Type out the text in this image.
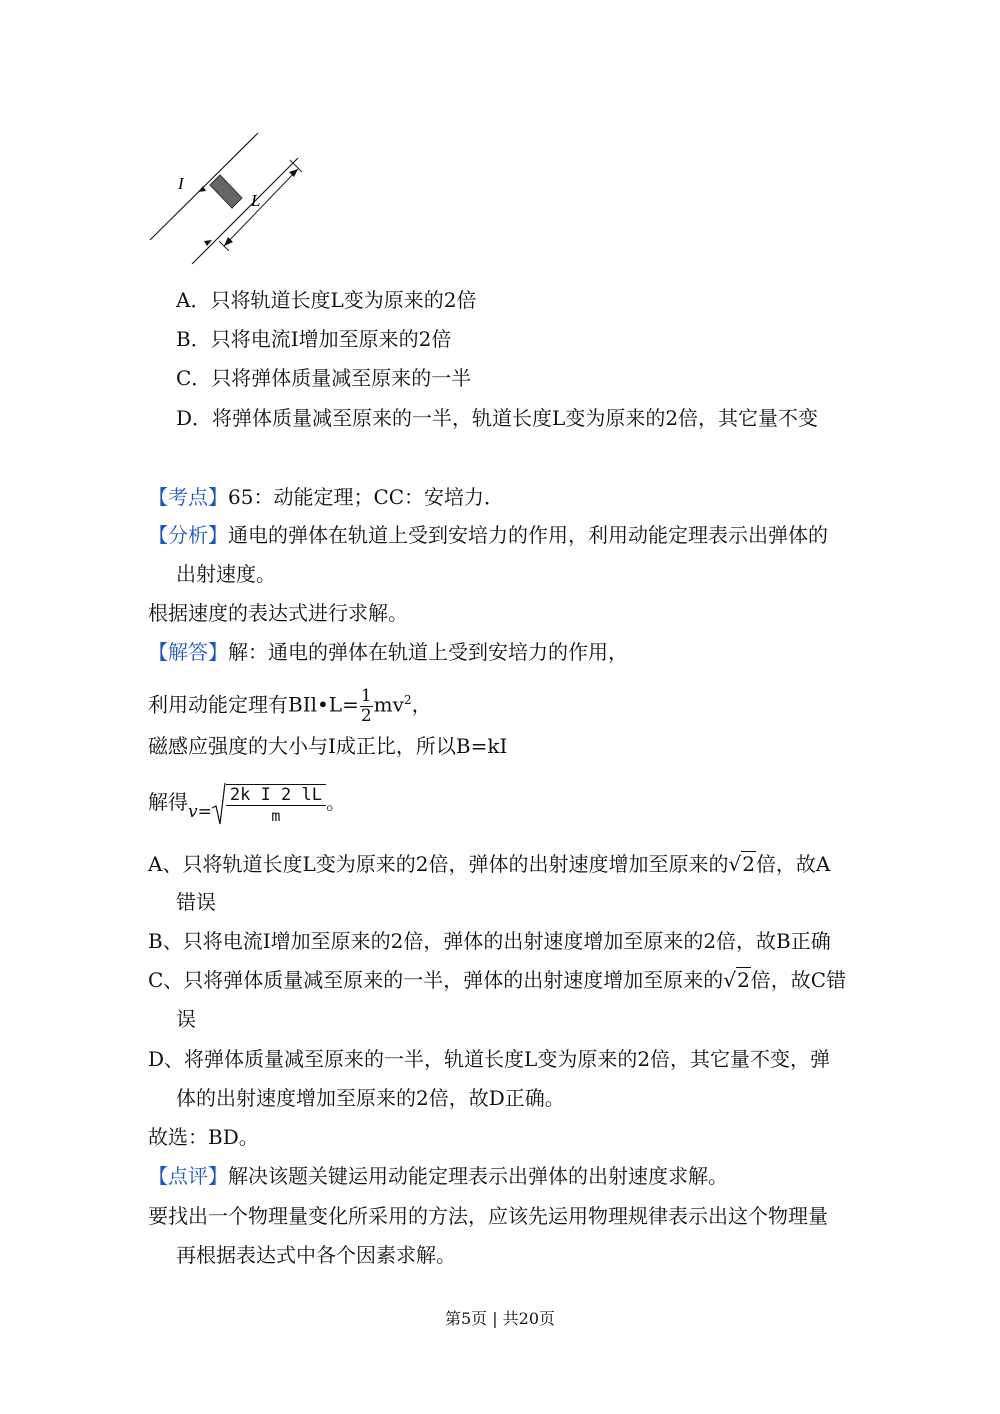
I
L
A．只将轨道长度L变为原来的2倍
B．只将电流I增加至原来的2倍
C．只将弹体质量减至原来的一半
D．将弹体质量减至原来的一半，轨道长度L变为原来的2倍，其它量不变
【考点】65：动能定理；CC：安培力．
【分析】通电的弹体在轨道上受到安培力的作用，利用动能定理表示出弹体的
出射速度。
根据速度的表达式进行求解。
【解答】解：通电的弹体在轨道上受到安培力的作用，
利用动能定理有BIl•L= $\frac{1}{2} mv^2$，
磁感应强度的大小与I成正比，所以B=kI
解得$_{v=} \frac{\text{2k I 2 lL}}{m}$ 。
A、只将轨道长度L变为原来的2倍，弹体的出射速度增加至原来的√2倍，故A
错误
B、只将电流I增加至原来的2倍，弹体的出射速度增加至原来的2倍，故B正确
C、只将弹体质量减至原来的一半，弹体的出射速度增加至原来的√2倍，故C错
误
D、将弹体质量减至原来的一半，轨道长度L变为原来的2倍，其它量不变，弹
体的出射速度增加至原来的2倍，故D正确。
故选：BD。
【点评】解决该题关键运用动能定理表示出弹体的出射速度求解。
要找出一个物理量变化所采用的方法，应该先运用物理规律表示出这个物理量
再根据表达式中各个因素求解。
第5页 | 共20页
